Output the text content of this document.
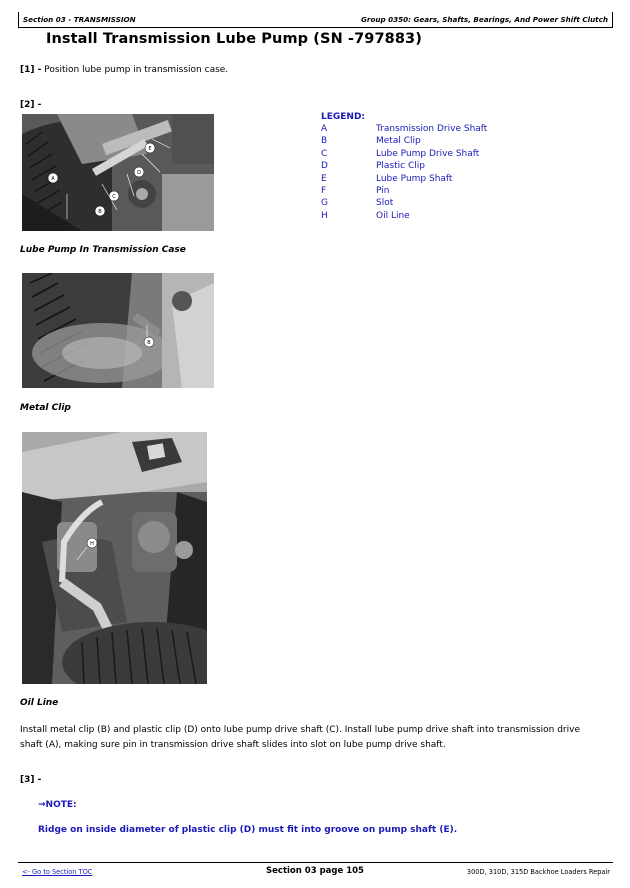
Section 03 - TRANSMISSION	Group 0350: Gears, Shafts, Bearings, And Power Shift Clutch
Install Transmission Lube Pump (SN -797883)
[1] - Position lube pump in transmission case.
[2] -
A
B
C
D
E
LEGEND:
A	Transmission Drive Shaft
B	Metal Clip
C	Lube Pump Drive Shaft
D	Plastic Clip
E	Lube Pump Shaft
F	Pin
G	Slot
H	Oil Line
Lube Pump In Transmission Case
B
Metal Clip
H
Oil Line
Install metal clip (B) and plastic clip (D) onto lube pump drive shaft (C). Install lube pump drive shaft into transmission drive
shaft (A), making sure pin in transmission drive shaft slides into slot on lube pump drive shaft.
[3] -
→NOTE:
Ridge on inside diameter of plastic clip (D) must fit into groove on pump shaft (E).
<- Go to Section TOC	Section 03 page 105	300D, 310D, 315D Backhoe Loaders Repair
